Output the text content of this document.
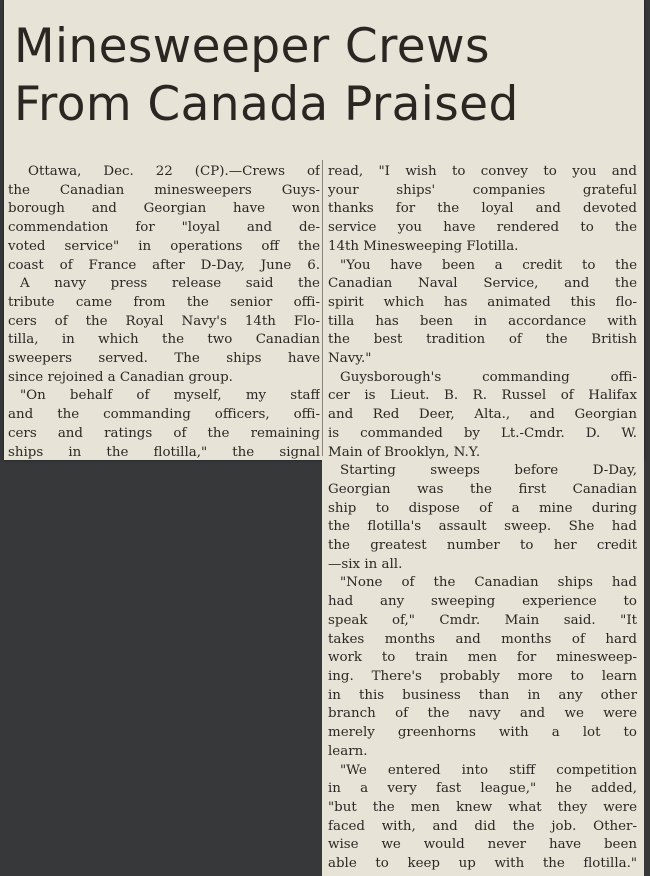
Minesweeper Crews
From Canada Praised
Ottawa, Dec. 22 (CP).—Crews of
the Canadian minesweepers Guys-
borough and Georgian have won
commendation for "loyal and de-
voted service" in operations off the
coast of France after D-Day, June 6.
A navy press release said the
tribute came from the senior offi-
cers of the Royal Navy's 14th Flo-
tilla, in which the two Canadian
sweepers served. The ships have
since rejoined a Canadian group.
"On behalf of myself, my staff
and the commanding officers, offi-
cers and ratings of the remaining
ships in the flotilla," the signal
read, "I wish to convey to you and
your ships' companies grateful
thanks for the loyal and devoted
service you have rendered to the
14th Minesweeping Flotilla.
"You have been a credit to the
Canadian Naval Service, and the
spirit which has animated this flo-
tilla has been in accordance with
the best tradition of the British
Navy."
Guysborough's commanding offi-
cer is Lieut. B. R. Russel of Halifax
and Red Deer, Alta., and Georgian
is commanded by Lt.-Cmdr. D. W.
Main of Brooklyn, N.Y.
Starting sweeps before D-Day,
Georgian was the first Canadian
ship to dispose of a mine during
the flotilla's assault sweep. She had
the greatest number to her credit
—six in all.
"None of the Canadian ships had
had any sweeping experience to
speak of," Cmdr. Main said. "It
takes months and months of hard
work to train men for minesweep-
ing. There's probably more to learn
in this business than in any other
branch of the navy and we were
merely greenhorns with a lot to
learn.
"We entered into stiff competition
in a very fast league," he added,
"but the men knew what they were
faced with, and did the job. Other-
wise we would never have been
able to keep up with the flotilla."
